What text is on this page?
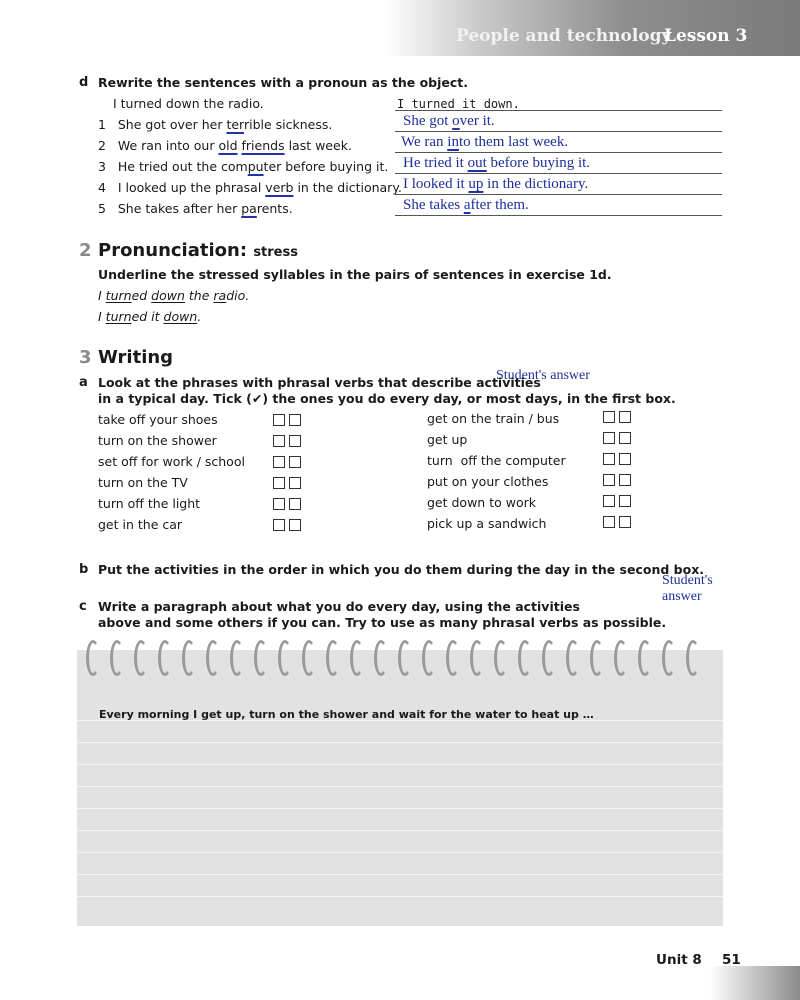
People and technology
Lesson 3
d Rewrite the sentences with a pronoun as the object.
I turned down the radio.	I turned it down.
1 She got over her terrible sickness.	She got over it.
2 We ran into our old friends last week.	We ran into them last week.
3 He tried out the computer before buying it. He tried it out before buying it.
4 I looked up the phrasal verb in the dictionary. I looked it up in the dictionary.
5 She takes after her parents.	She takes after them.
2 Pronunciation: stress
Underline the stressed syllables in the pairs of sentences in exercise 1d.
I turned down the radio.
I turned it down.
3 Writing
Student's answer
a Look at the phrases with phrasal verbs that describe activities
in a typical day. Tick (✔) the ones you do every day, or most days, in the first box.
take off your shoes
turn on the shower
set off for work / school
turn on the TV
turn off the light
get in the car
get on the train / bus
get up
turn  off the computer
put on your clothes
get down to work
pick up a sandwich
b Put the activities in the order in which you do them during the day in the second box.
Student's
answer
c Write a paragraph about what you do every day, using the activities
above and some others if you can. Try to use as many phrasal verbs as possible.
Every morning I get up, turn on the shower and wait for the water to heat up …
Unit 8 51
